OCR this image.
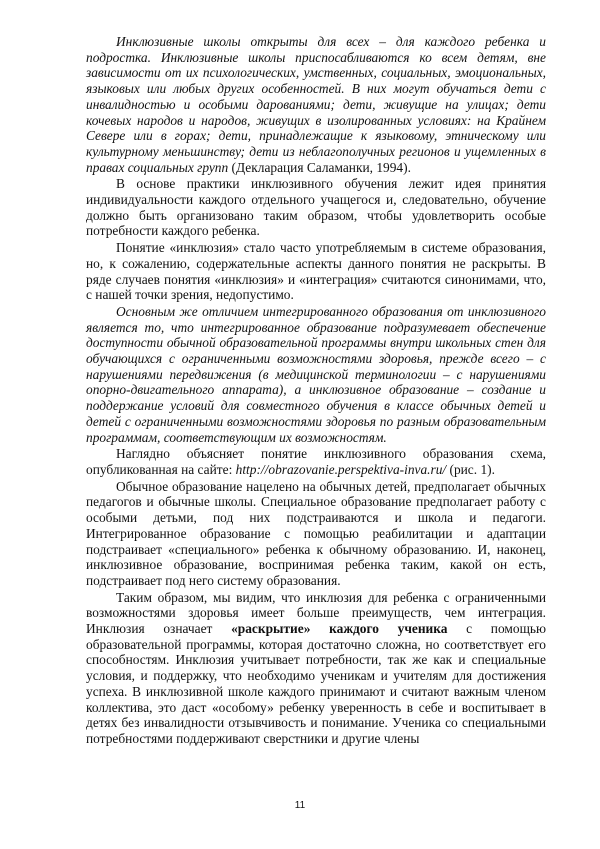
Инклюзивные школы открыты для всех – для каждого ребенка и подростка. Инклюзивные школы приспосабливаются ко всем детям, вне зависимости от их психологических, умственных, социальных, эмоциональных, языковых или любых других особенностей. В них могут обучаться дети с инвалидностью и особыми дарованиями; дети, живущие на улицах; дети кочевых народов и народов, живущих в изолированных условиях: на Крайнем Севере или в горах; дети, принадлежащие к языковому, этническому или культурному меньшинству; дети из неблагополучных регионов и ущемленных в правах социальных групп (Декларация Саламанки, 1994).

В основе практики инклюзивного обучения лежит идея принятия индивидуальности каждого отдельного учащегося и, следовательно, обучение должно быть организовано таким образом, чтобы удовлетворить особые потребности каждого ребенка.

Понятие «инклюзия» стало часто употребляемым в системе образования, но, к сожалению, содержательные аспекты данного понятия не раскрыты. В ряде случаев понятия «инклюзия» и «интеграция» считаются синонимами, что, с нашей точки зрения, недопустимо.

Основным же отличием интегрированного образования от инклюзивного является то, что интегрированное образование подразумевает обеспечение доступности обычной образовательной программы внутри школьных стен для обучающихся с ограниченными возможностями здоровья, прежде всего – с нарушениями передвижения (в медицинской терминологии – с нарушениями опорно-двигательного аппарата), а инклюзивное образование – создание и поддержание условий для совместного обучения в классе обычных детей и детей с ограниченными возможностями здоровья по разным образовательным программам, соответствующим их возможностям.

Наглядно объясняет понятие инклюзивного образования схема, опубликованная на сайте: http://obrazovanie.perspektiva-inva.ru/ (рис. 1).

Обычное образование нацелено на обычных детей, предполагает обычных педагогов и обычные школы. Специальное образование предполагает работу с особыми детьми, под них подстраиваются и школа и педагоги. Интегрированное образование с помощью реабилитации и адаптации подстраивает «специального» ребенка к обычному образованию. И, наконец, инклюзивное образование, воспринимая ребенка таким, какой он есть, подстраивает под него систему образования.

Таким образом, мы видим, что инклюзия для ребенка с ограниченными возможностями здоровья имеет больше преимуществ, чем интеграция. Инклюзия означает «раскрытие» каждого ученика с помощью образовательной программы, которая достаточно сложна, но соответствует его способностям. Инклюзия учитывает потребности, так же как и специальные условия, и поддержку, что необходимо ученикам и учителям для достижения успеха. В инклюзивной школе каждого принимают и считают важным членом коллектива, это даст «особому» ребенку уверенность в себе и воспитывает в детях без инвалидности отзывчивость и понимание. Ученика со специальными потребностями поддерживают сверстники и другие члены

11
